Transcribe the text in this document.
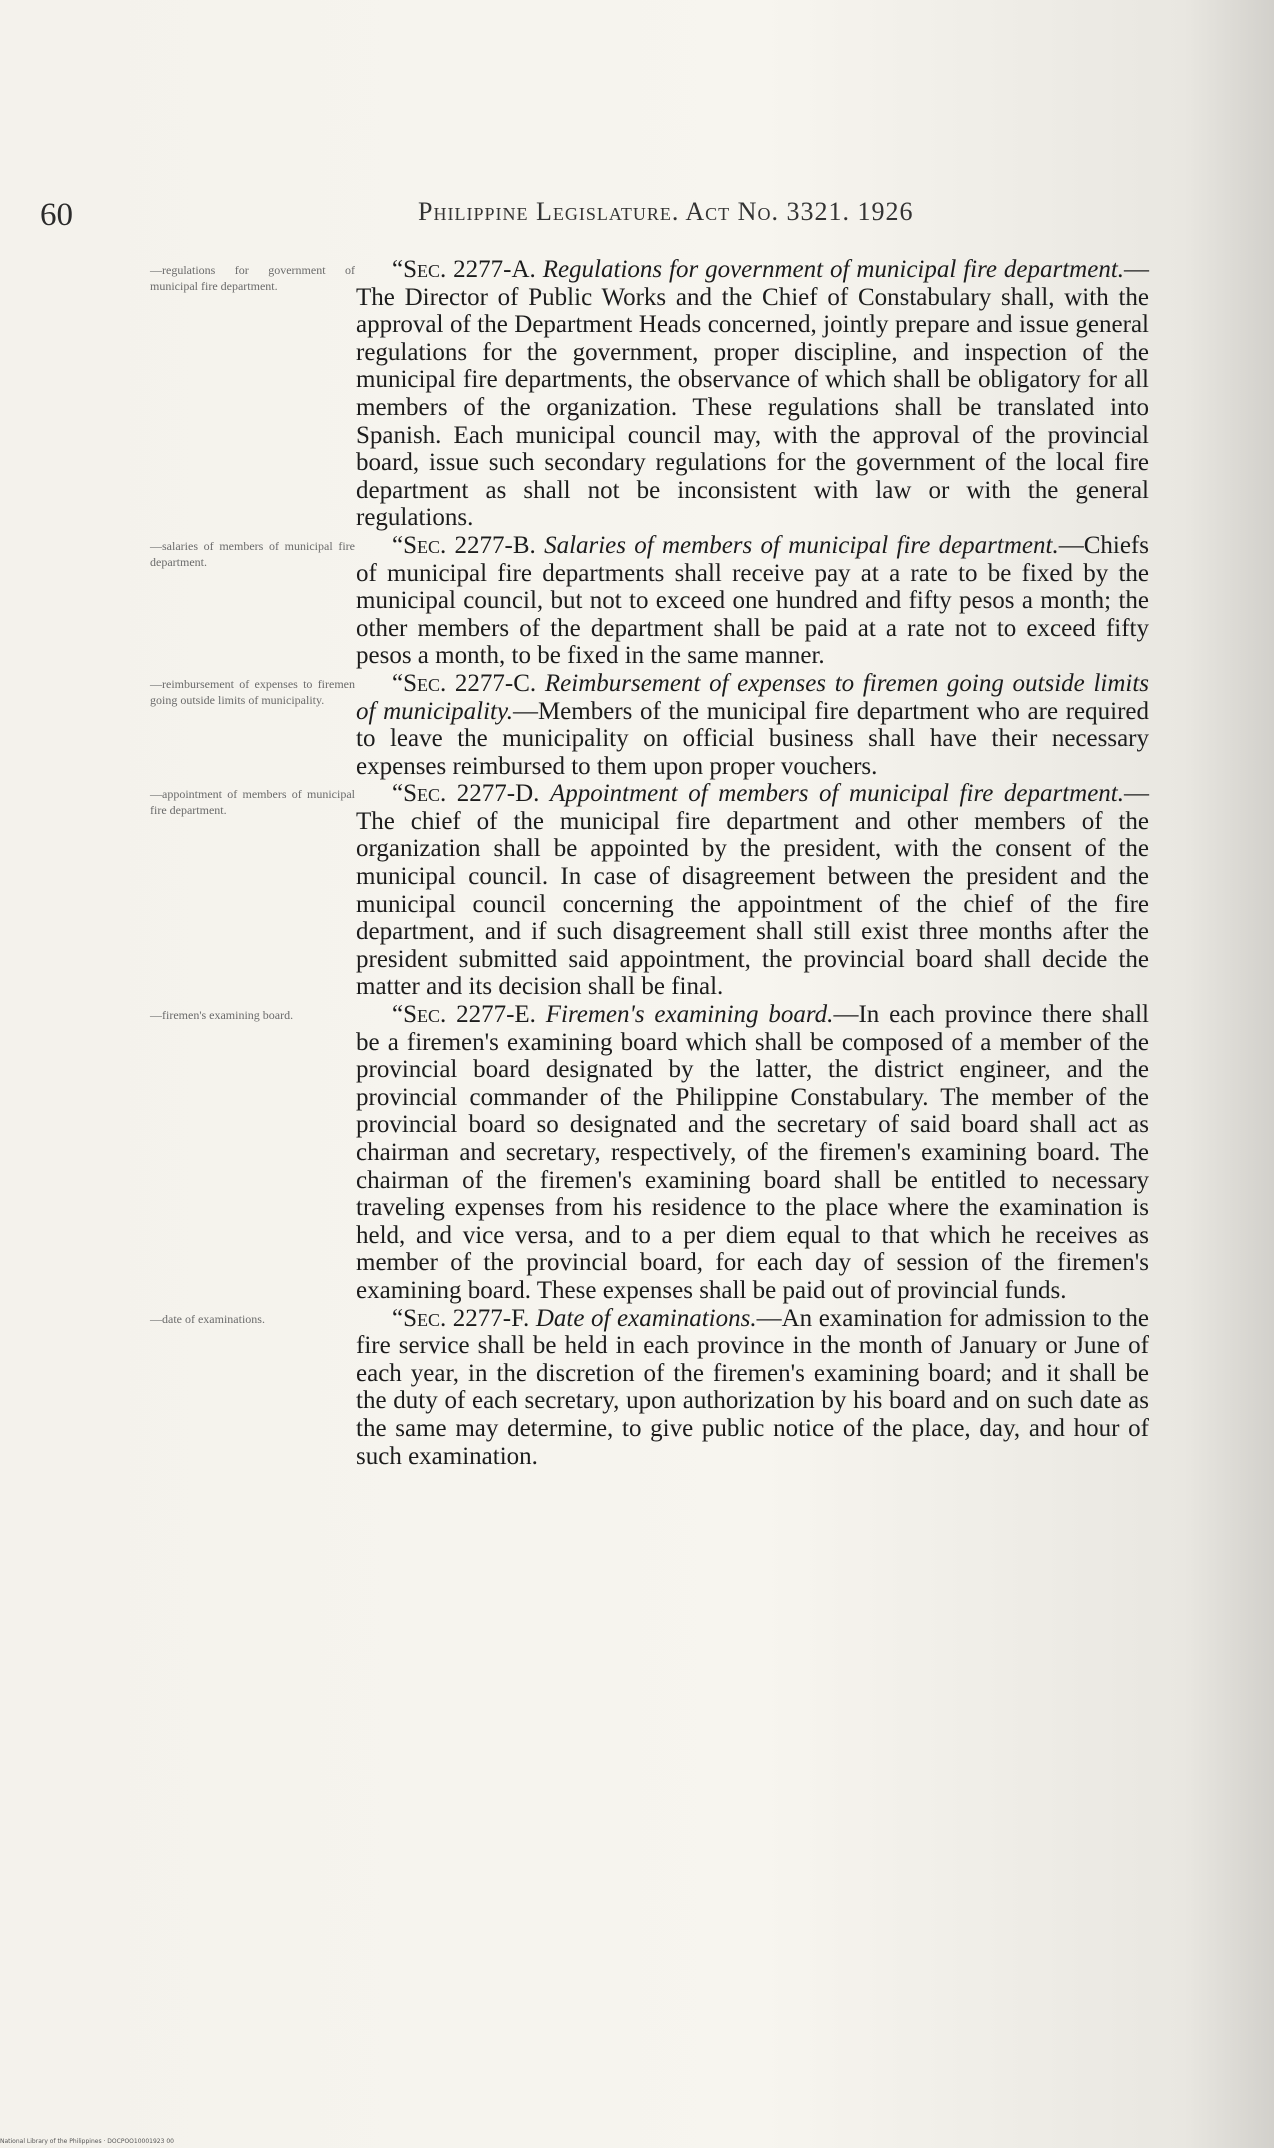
60	Philippine Legislature. Act No. 3321. 1926
—regulations for government of municipal fire department.

“Sec. 2277-A. Regulations for government of municipal fire department.—The Director of Public Works and the Chief of Constabulary shall, with the approval of the Department Heads concerned, jointly prepare and issue general regulations for the government, proper discipline, and inspection of the municipal fire departments, the observance of which shall be obligatory for all members of the organization. These regulations shall be translated into Spanish. Each municipal council may, with the approval of the provincial board, issue such secondary regulations for the government of the local fire department as shall not be inconsistent with law or with the general regulations.

—salaries of members of municipal fire department.

“Sec. 2277-B. Salaries of members of municipal fire department.—Chiefs of municipal fire departments shall receive pay at a rate to be fixed by the municipal council, but not to exceed one hundred and fifty pesos a month; the other members of the department shall be paid at a rate not to exceed fifty pesos a month, to be fixed in the same manner.

—reimbursement of expenses to firemen going outside limits of municipality.

“Sec. 2277-C. Reimbursement of expenses to firemen going outside limits of municipality.—Members of the municipal fire department who are required to leave the municipality on official business shall have their necessary expenses reimbursed to them upon proper vouchers.

—appointment of members of municipal fire department.

“Sec. 2277-D. Appointment of members of municipal fire department.—The chief of the municipal fire department and other members of the organization shall be appointed by the president, with the consent of the municipal council. In case of disagreement between the president and the municipal council concerning the appointment of the chief of the fire department, and if such disagreement shall still exist three months after the president submitted said appointment, the provincial board shall decide the matter and its decision shall be final.

—firemen's examining board.	“Sec. 2277-E. Firemen's examining board.—In each province there shall be a firemen's examining board which shall be composed of a member of the provincial board designated by the latter, the district engineer, and the provincial commander of the Philippine Constabulary. The member of the provincial board so designated and the secretary of said board shall act as chairman and secretary, respectively, of the firemen's examining board. The chairman of the firemen's examining board shall be entitled to necessary traveling expenses from his residence to the place where the examination is held, and vice versa, and to a per diem equal to that which he receives as member of the provincial board, for each day of session of the firemen's examining board. These expenses shall be paid out of provincial funds.

—date of examinations.	“Sec. 2277-F. Date of examinations.—An examination for admission to the fire service shall be held in each province in the month of January or June of each year, in the discretion of the firemen's examining board; and it shall be the duty of each secretary, upon authorization by his board and on such date as the same may determine, to give public notice of the place, day, and hour of such examination.

National Library of the Philippines · DOCPOO10001923 00
